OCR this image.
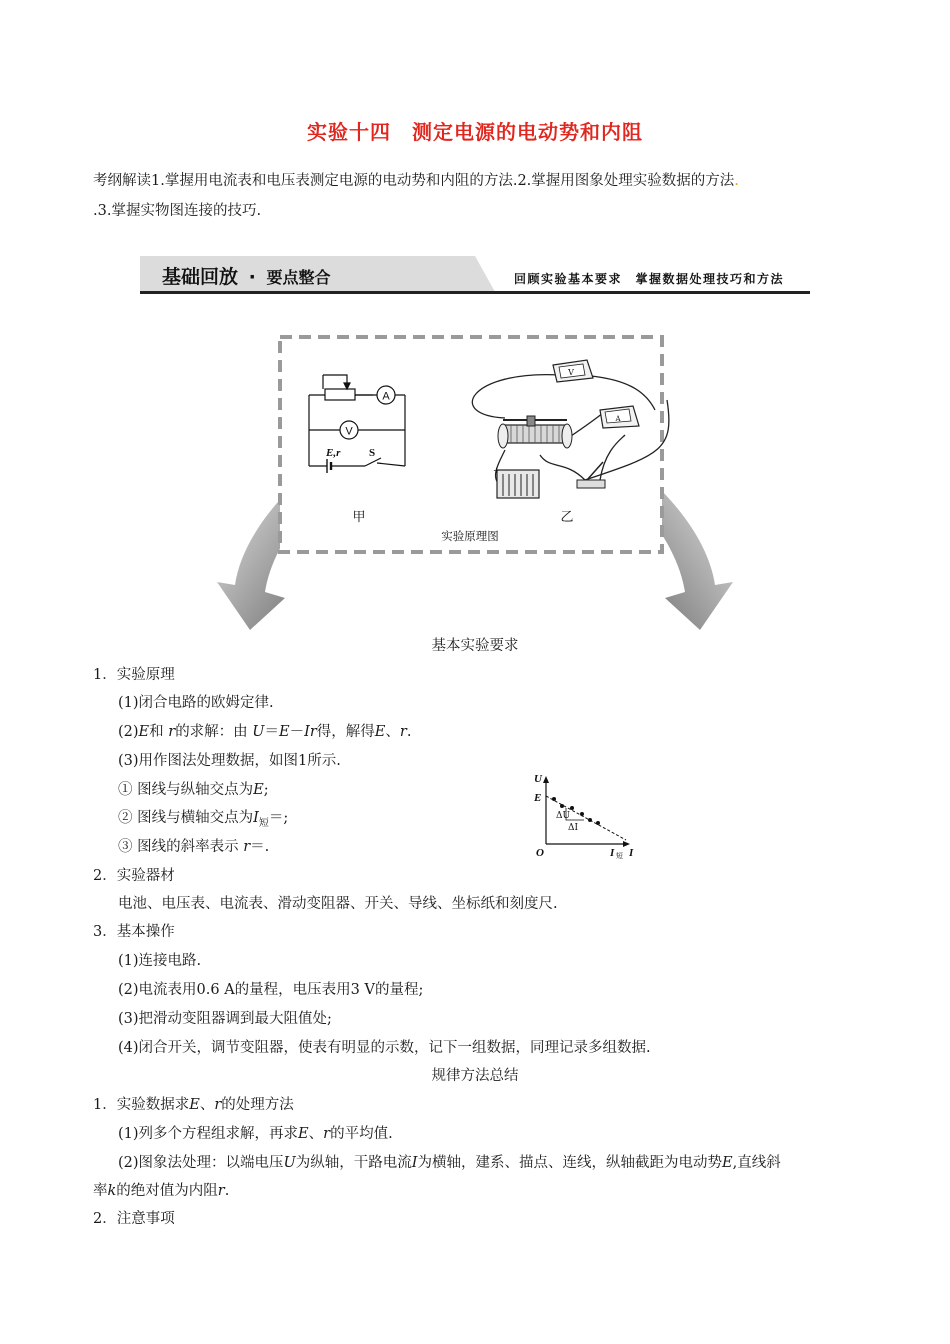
实验十四　测定电源的电动势和内阻
考纲解读1.掌握用电流表和电压表测定电源的电动势和内阻的方法.2.掌握用图象处理实验数据的方法.
.3.掌握实物图连接的技巧.
基础回放 · 要点整合	回顾实验基本要求　掌握数据处理技巧和方法
A
V
E,r	S
V
A
+
甲	乙
实验原理图
基本实验要求
1．实验原理
(1)闭合电路的欧姆定律.
(2)E和 r的求解：由 U＝E－Ir得，解得E、r.
(3)用作图法处理数据，如图1所示.
① 图线与纵轴交点为E;
② 图线与横轴交点为$I_短=$;
③ 图线的斜率表示 r＝.
U
E
O	I
I 短
ΔU
ΔI
2．实验器材
电池、电压表、电流表、滑动变阻器、开关、导线、坐标纸和刻度尺.
3．基本操作
(1)连接电路.
(2)电流表用0.6 A的量程，电压表用3 V的量程;
(3)把滑动变阻器调到最大阻值处;
(4)闭合开关，调节变阻器，使表有明显的示数，记下一组数据，同理记录多组数据.
规律方法总结
1．实验数据求E、r的处理方法
(1)列多个方程组求解，再求E、r的平均值.
(2)图象法处理：以端电压U为纵轴，干路电流I为横轴，建系、描点、连线，纵轴截距为电动势E,直线斜
率k的绝对值为内阻r.
2．注意事项
